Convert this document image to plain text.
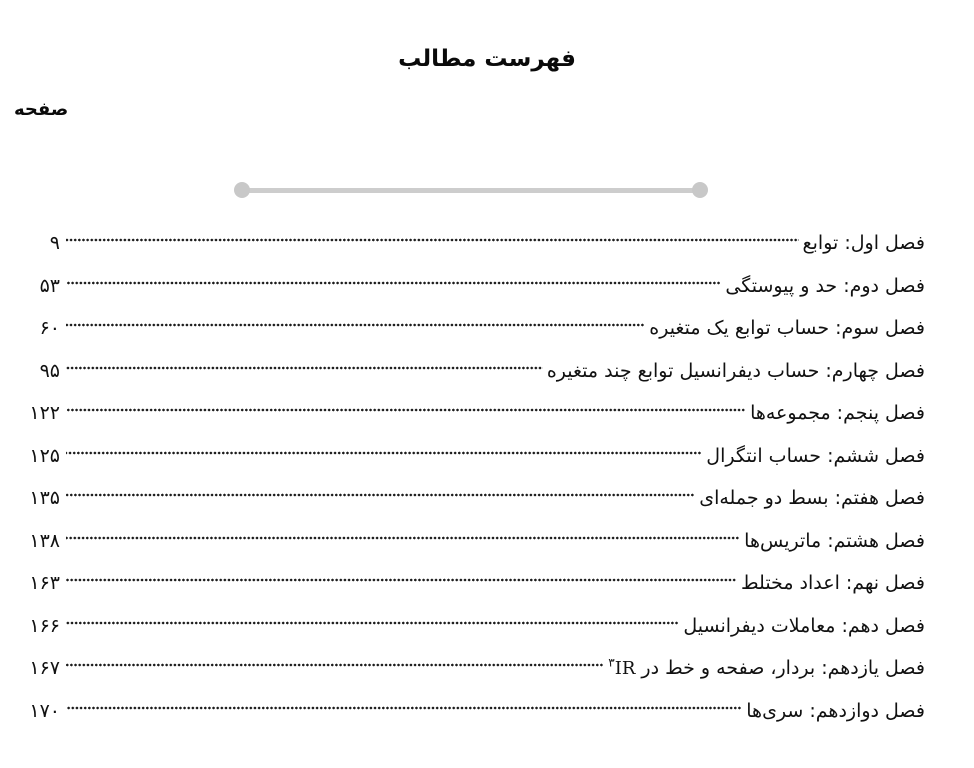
فهرست مطالب
صفحه
فصل اول: توابع
۹
فصل دوم: حد و پیوستگی
۵۳
فصل سوم: حساب توابع یک متغیره
۶۰
فصل چهارم: حساب دیفرانسیل توابع چند متغیره
۹۵
فصل پنجم: مجموعه‌ها
۱۲۲
فصل ششم: حساب انتگرال
۱۲۵
فصل هفتم: بسط دو جمله‌ای
۱۳۵
فصل هشتم: ماتریس‌ها
۱۳۸
فصل نهم: اعداد مختلط
۱۶۳
فصل دهم: معاملات دیفرانسیل
۱۶۶
فصل یازدهم: بردار، صفحه و خط در $IR^۳$
۱۶۷
فصل دوازدهم: سری‌ها
۱۷۰
